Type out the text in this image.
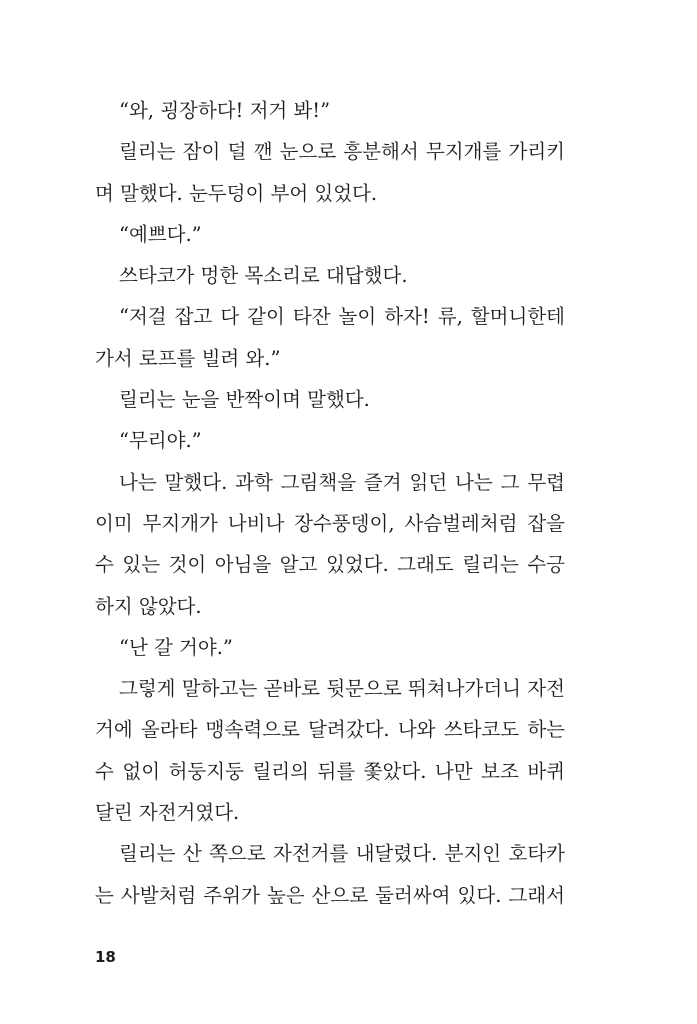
“와, 굉장하다! 저거 봐!”
릴리는 잠이 덜 깬 눈으로 흥분해서 무지개를 가리키
며 말했다. 눈두덩이 부어 있었다.
“예쁘다.”
쓰타코가 멍한 목소리로 대답했다.
“저걸 잡고 다 같이 타잔 놀이 하자! 류, 할머니한테
가서 로프를 빌려 와.”
릴리는 눈을 반짝이며 말했다.
“무리야.”
나는 말했다. 과학 그림책을 즐겨 읽던 나는 그 무렵
이미 무지개가 나비나 장수풍뎅이, 사슴벌레처럼 잡을
수 있는 것이 아님을 알고 있었다. 그래도 릴리는 수긍
하지 않았다.
“난 갈 거야.”
그렇게 말하고는 곧바로 뒷문으로 뛰쳐나가더니 자전
거에 올라타 맹속력으로 달려갔다. 나와 쓰타코도 하는
수 없이 허둥지둥 릴리의 뒤를 쫓았다. 나만 보조 바퀴
달린 자전거였다.
릴리는 산 쪽으로 자전거를 내달렸다. 분지인 호타카
는 사발처럼 주위가 높은 산으로 둘러싸여 있다. 그래서
18
